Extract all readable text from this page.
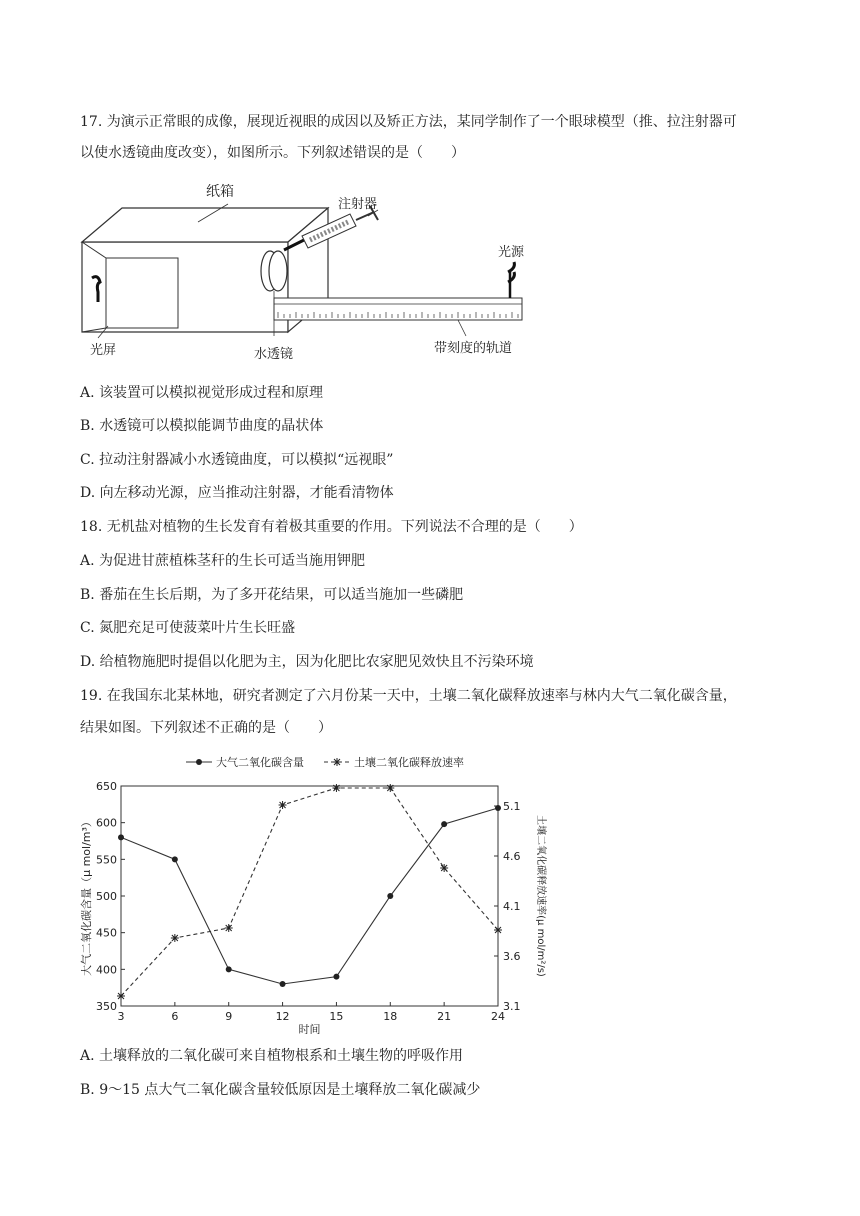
17. 为演示正常眼的成像，展现近视眼的成因以及矫正方法，某同学制作了一个眼球模型（推、拉注射器可
以使水透镜曲度改变），如图所示。下列叙述错误的是（　　）
纸箱
注射器
光源
光屏	水透镜	带刻度的轨道
A. 该装置可以模拟视觉形成过程和原理
B. 水透镜可以模拟能调节曲度的晶状体
C. 拉动注射器减小水透镜曲度，可以模拟“远视眼”
D. 向左移动光源，应当推动注射器，才能看清物体
18. 无机盐对植物的生长发育有着极其重要的作用。下列说法不合理的是（　　）
A. 为促进甘蔗植株茎秆的生长可适当施用钾肥
B. 番茄在生长后期，为了多开花结果，可以适当施加一些磷肥
C. 氮肥充足可使菠菜叶片生长旺盛
D. 给植物施肥时提倡以化肥为主，因为化肥比农家肥见效快且不污染环境
19. 在我国东北某林地，研究者测定了六月份某一天中，土壤二氧化碳释放速率与林内大气二氧化碳含量，
结果如图。下列叙述不正确的是（　　）
3	6	9	12	15	18	21	24
时间
350
400
450
500
550
600
650
大气二氧化碳含量（μ mol/m³）
3.1
3.6
4.1
4.6
5.1
土壤二氧化碳释放速率(μ mol/m²/s)
大气二氧化碳含量	土壤二氧化碳释放速率
A. 土壤释放的二氧化碳可来自植物根系和土壤生物的呼吸作用
B. 9～15 点大气二氧化碳含量较低原因是土壤释放二氧化碳减少
